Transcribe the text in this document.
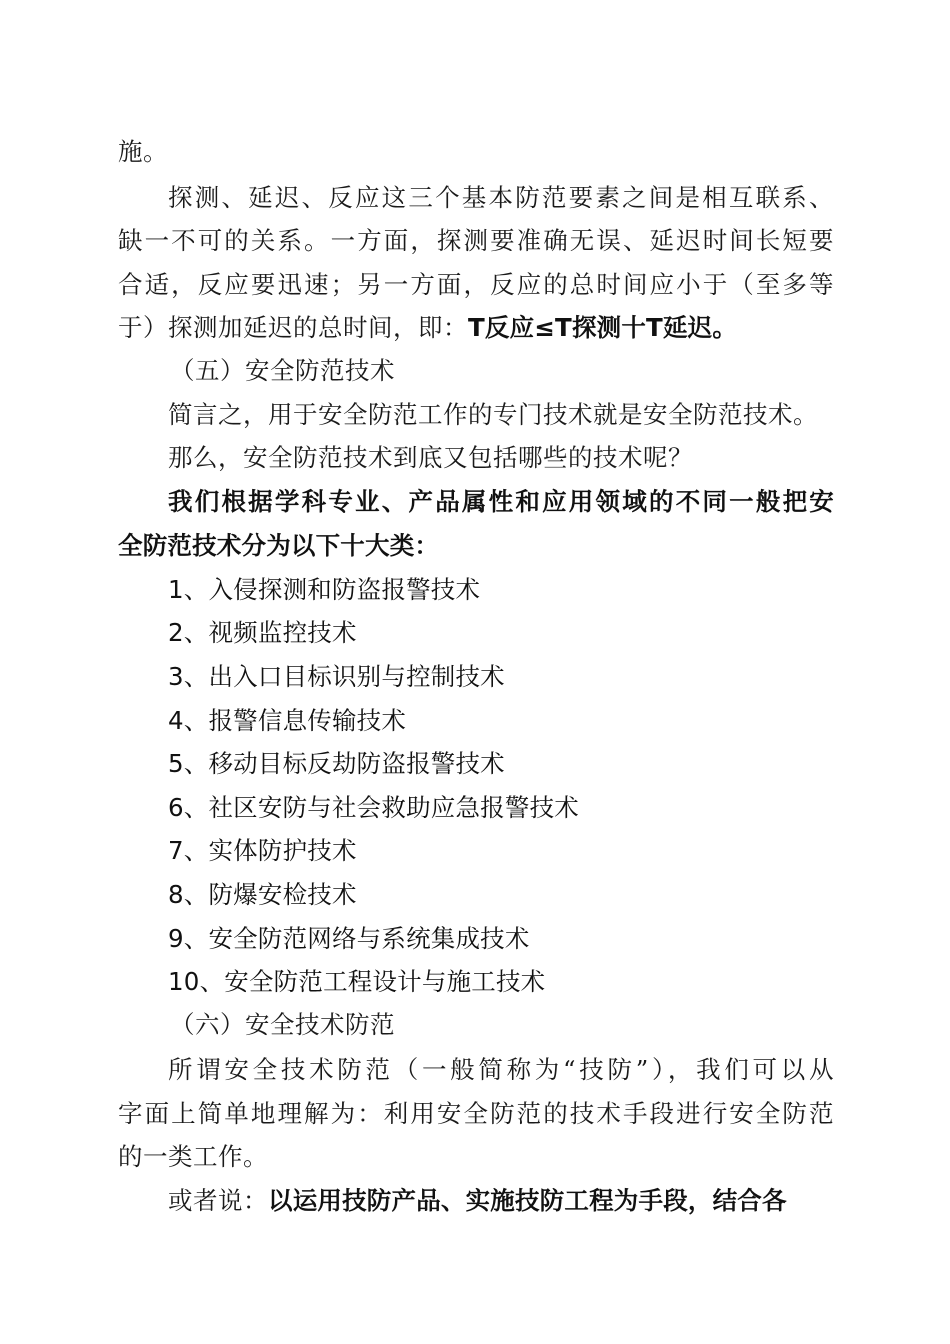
施。
探测、延迟、反应这三个基本防范要素之间是相互联系、
缺一不可的关系。一方面，探测要准确无误、延迟时间长短要
合适，反应要迅速；另一方面，反应的总时间应小于（至多等
于）探测加延迟的总时间，即：T反应≤T探测十T延迟。
（五）安全防范技术
简言之，用于安全防范工作的专门技术就是安全防范技术。
那么，安全防范技术到底又包括哪些的技术呢？
我们根据学科专业、产品属性和应用领域的不同一般把安
全防范技术分为以下十大类：
1、入侵探测和防盗报警技术
2、视频监控技术
3、出入口目标识别与控制技术
4、报警信息传输技术
5、移动目标反劫防盗报警技术
6、社区安防与社会救助应急报警技术
7、实体防护技术
8、防爆安检技术
9、安全防范网络与系统集成技术
10、安全防范工程设计与施工技术
（六）安全技术防范
所谓安全技术防范（一般简称为“技防”），我们可以从
字面上简单地理解为：利用安全防范的技术手段进行安全防范
的一类工作。
或者说：以运用技防产品、实施技防工程为手段，结合各
